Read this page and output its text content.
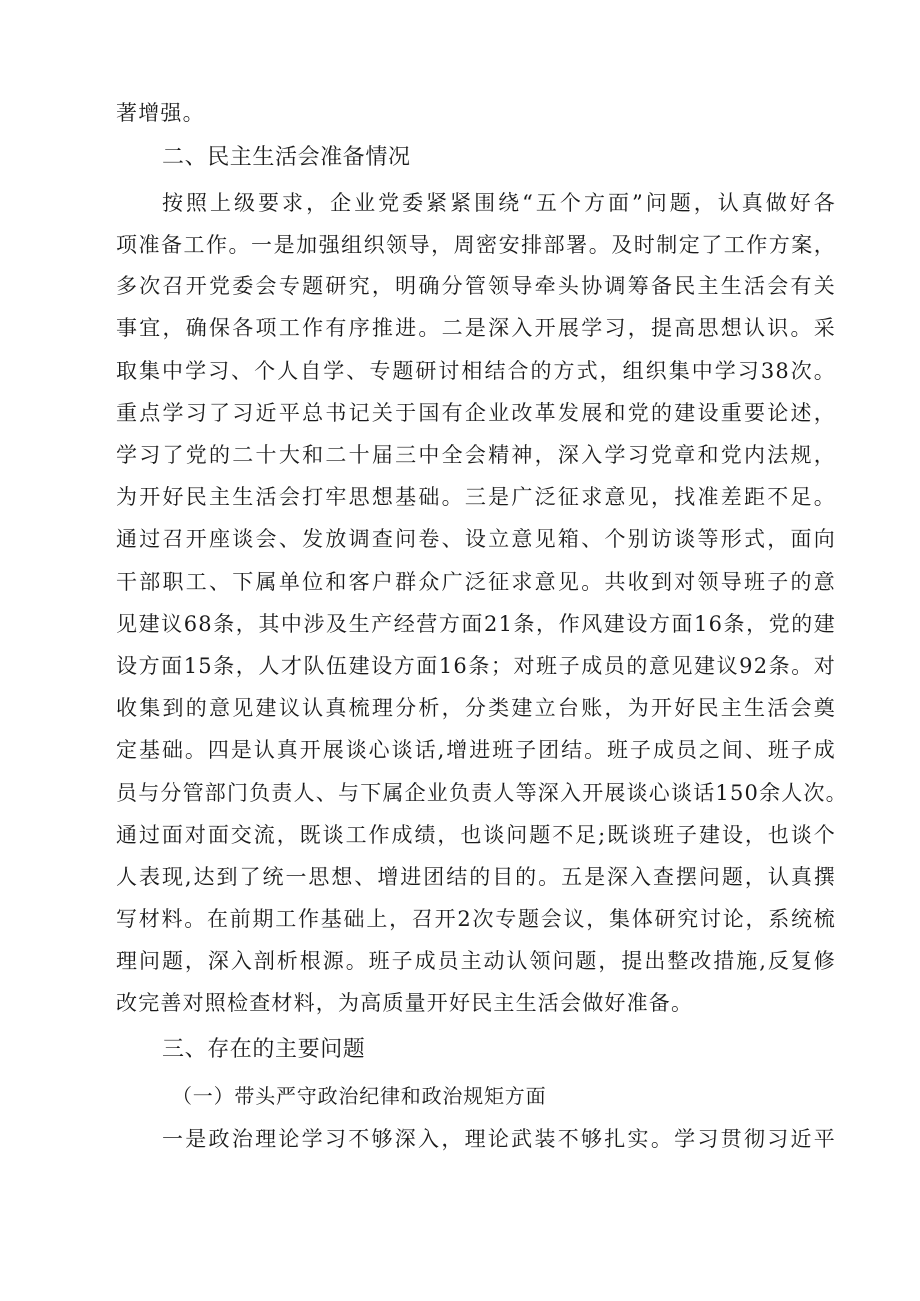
著增强。
二、民主生活会准备情况
按照上级要求，企业党委紧紧围绕“五个方面”问题，认真做好各
项准备工作。一是加强组织领导，周密安排部署。及时制定了工作方案，
多次召开党委会专题研究，明确分管领导牵头协调筹备民主生活会有关
事宜，确保各项工作有序推进。二是深入开展学习，提高思想认识。采
取集中学习、个人自学、专题研讨相结合的方式，组织集中学习38次。
重点学习了习近平总书记关于国有企业改革发展和党的建设重要论述，
学习了党的二十大和二十届三中全会精神，深入学习党章和党内法规，
为开好民主生活会打牢思想基础。三是广泛征求意见，找准差距不足。
通过召开座谈会、发放调查问卷、设立意见箱、个别访谈等形式，面向
干部职工、下属单位和客户群众广泛征求意见。共收到对领导班子的意
见建议68条，其中涉及生产经营方面21条，作风建设方面16条，党的建
设方面15条，人才队伍建设方面16条；对班子成员的意见建议92条。对
收集到的意见建议认真梳理分析，分类建立台账，为开好民主生活会奠
定基础。四是认真开展谈心谈话,增进班子团结。班子成员之间、班子成
员与分管部门负责人、与下属企业负责人等深入开展谈心谈话150余人次。
通过面对面交流，既谈工作成绩，也谈问题不足;既谈班子建设，也谈个
人表现,达到了统一思想、增进团结的目的。五是深入查摆问题，认真撰
写材料。在前期工作基础上，召开2次专题会议，集体研究讨论，系统梳
理问题，深入剖析根源。班子成员主动认领问题，提出整改措施,反复修
改完善对照检查材料，为高质量开好民主生活会做好准备。
三、存在的主要问题
（一）带头严守政治纪律和政治规矩方面
一是政治理论学习不够深入，理论武装不够扎实。学习贯彻习近平
